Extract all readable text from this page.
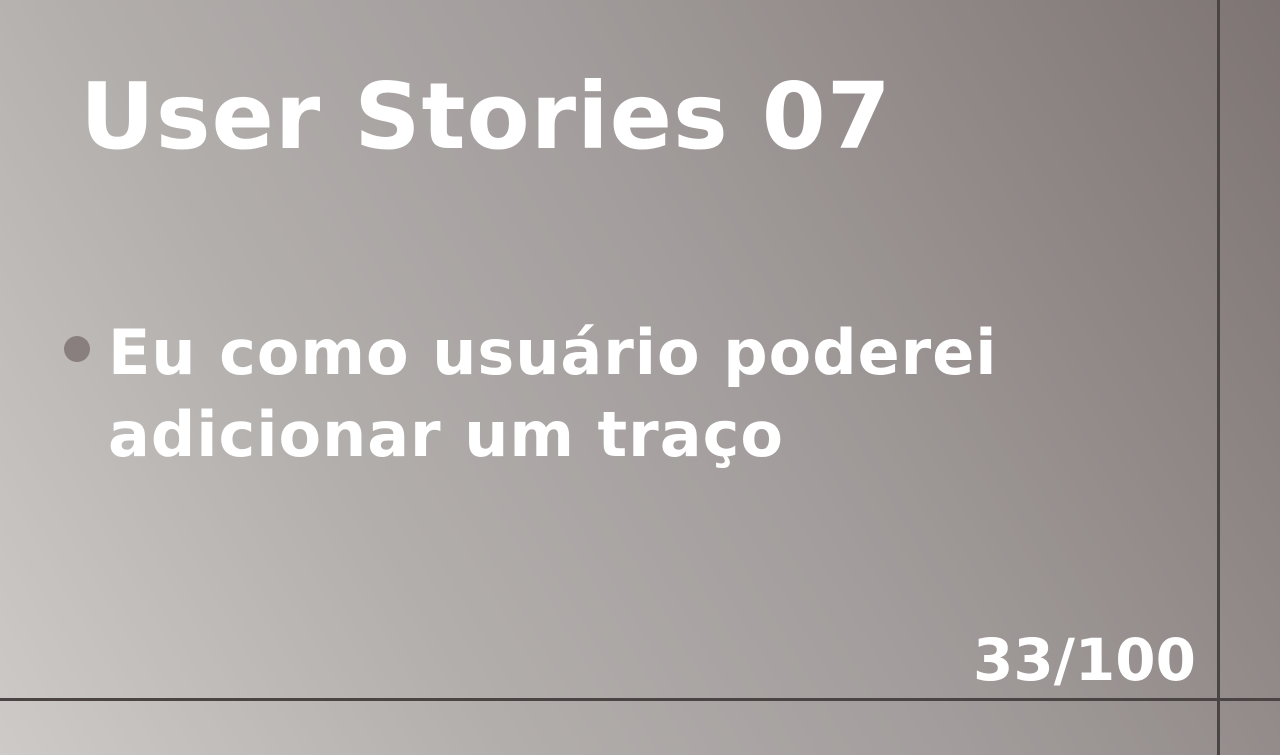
User Stories 07
Eu como usuário poderei
adicionar um traço
33/100
